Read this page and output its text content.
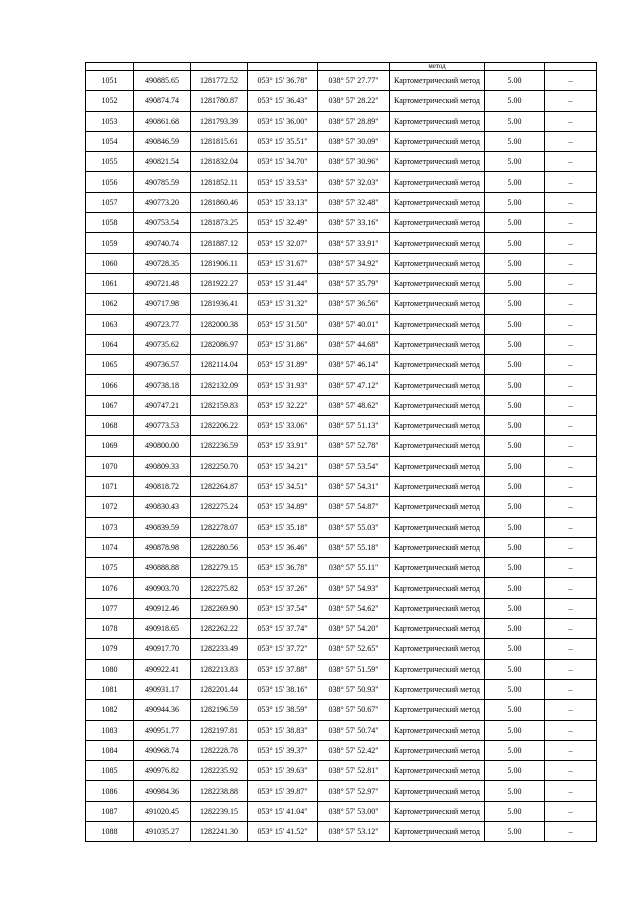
					метод		
1051	490885.65	1281772.52	053° 15' 36.78"	038° 57' 27.77"	Картометрический метод	5.00	–
1052	490874.74	1281780.87	053° 15' 36.43"	038° 57' 28.22"	Картометрический метод	5.00	–
1053	490861.68	1281793.39	053° 15' 36.00"	038° 57' 28.89"	Картометрический метод	5.00	–
1054	490846.59	1281815.61	053° 15' 35.51"	038° 57' 30.09"	Картометрический метод	5.00	–
1055	490821.54	1281832.04	053° 15' 34.70"	038° 57' 30.96"	Картометрический метод	5.00	–
1056	490785.59	1281852.11	053° 15' 33.53"	038° 57' 32.03"	Картометрический метод	5.00	–
1057	490773.20	1281860.46	053° 15' 33.13"	038° 57' 32.48"	Картометрический метод	5.00	–
1058	490753.54	1281873.25	053° 15' 32.49"	038° 57' 33.16"	Картометрический метод	5.00	–
1059	490740.74	1281887.12	053° 15' 32.07"	038° 57' 33.91"	Картометрический метод	5.00	–
1060	490728.35	1281906.11	053° 15' 31.67"	038° 57' 34.92"	Картометрический метод	5.00	–
1061	490721.48	1281922.27	053° 15' 31.44"	038° 57' 35.79"	Картометрический метод	5.00	–
1062	490717.98	1281936.41	053° 15' 31.32"	038° 57' 36.56"	Картометрический метод	5.00	–
1063	490723.77	1282000.38	053° 15' 31.50"	038° 57' 40.01"	Картометрический метод	5.00	–
1064	490735.62	1282086.97	053° 15' 31.86"	038° 57' 44.68"	Картометрический метод	5.00	–
1065	490736.57	1282114.04	053° 15' 31.89"	038° 57' 46.14"	Картометрический метод	5.00	–
1066	490738.18	1282132.09	053° 15' 31.93"	038° 57' 47.12"	Картометрический метод	5.00	–
1067	490747.21	1282159.83	053° 15' 32.22"	038° 57' 48.62"	Картометрический метод	5.00	–
1068	490773.53	1282206.22	053° 15' 33.06"	038° 57' 51.13"	Картометрический метод	5.00	–
1069	490800.00	1282236.59	053° 15' 33.91"	038° 57' 52.78"	Картометрический метод	5.00	–
1070	490809.33	1282250.70	053° 15' 34.21"	038° 57' 53.54"	Картометрический метод	5.00	–
1071	490818.72	1282264.87	053° 15' 34.51"	038° 57' 54.31"	Картометрический метод	5.00	–
1072	490830.43	1282275.24	053° 15' 34.89"	038° 57' 54.87"	Картометрический метод	5.00	–
1073	490839.59	1282278.07	053° 15' 35.18"	038° 57' 55.03"	Картометрический метод	5.00	–
1074	490878.98	1282280.56	053° 15' 36.46"	038° 57' 55.18"	Картометрический метод	5.00	–
1075	490888.88	1282279.15	053° 15' 36.78"	038° 57' 55.11"	Картометрический метод	5.00	–
1076	490903.70	1282275.82	053° 15' 37.26"	038° 57' 54.93"	Картометрический метод	5.00	–
1077	490912.46	1282269.90	053° 15' 37.54"	038° 57' 54.62"	Картометрический метод	5.00	–
1078	490918.65	1282262.22	053° 15' 37.74"	038° 57' 54.20"	Картометрический метод	5.00	–
1079	490917.70	1282233.49	053° 15' 37.72"	038° 57' 52.65"	Картометрический метод	5.00	–
1080	490922.41	1282213.83	053° 15' 37.88"	038° 57' 51.59"	Картометрический метод	5.00	–
1081	490931.17	1282201.44	053° 15' 38.16"	038° 57' 50.93"	Картометрический метод	5.00	–
1082	490944.36	1282196.59	053° 15' 38.59"	038° 57' 50.67"	Картометрический метод	5.00	–
1083	490951.77	1282197.81	053° 15' 38.83"	038° 57' 50.74"	Картометрический метод	5.00	–
1084	490968.74	1282228.78	053° 15' 39.37"	038° 57' 52.42"	Картометрический метод	5.00	–
1085	490976.82	1282235.92	053° 15' 39.63"	038° 57' 52.81"	Картометрический метод	5.00	–
1086	490984.36	1282238.88	053° 15' 39.87"	038° 57' 52.97"	Картометрический метод	5.00	–
1087	491020.45	1282239.15	053° 15' 41.04"	038° 57' 53.00"	Картометрический метод	5.00	–
1088	491035.27	1282241.30	053° 15' 41.52"	038° 57' 53.12"	Картометрический метод	5.00	–
